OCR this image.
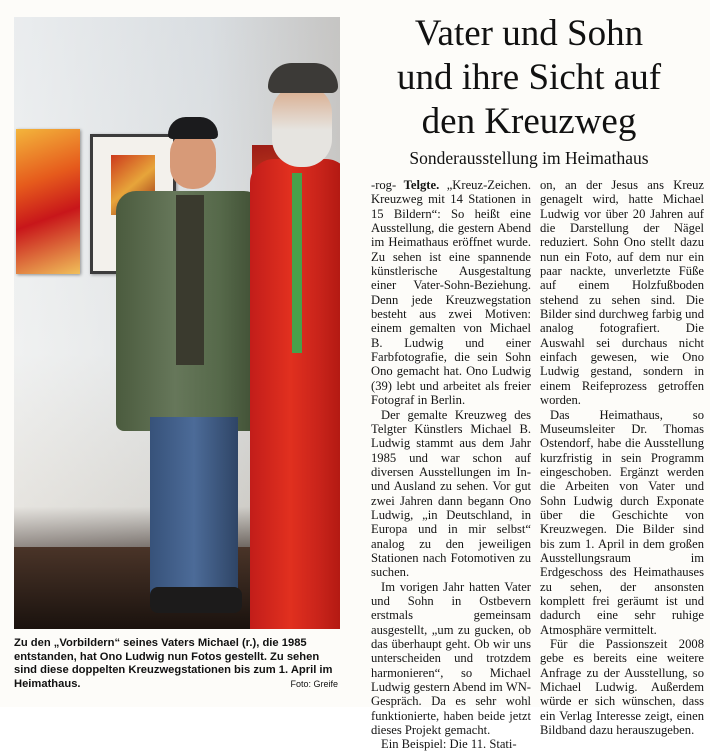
Zu den „Vorbildern“ seines Vaters Michael (r.), die 1985 entstanden, hat Ono Ludwig nun Fotos gestellt. Zu sehen sind diese doppelten Kreuzwegstationen bis zum 1. April im Heimathaus.	Foto: Greife
Vater und Sohn
und ihre Sicht auf
den Kreuzweg
Sonderausstellung im Heimathaus

-rog- Telgte. „Kreuz-Zeichen. Kreuzweg mit 14 Stationen in 15 Bildern“: So heißt eine Ausstellung, die gestern Abend im Heimathaus eröffnet wurde. Zu sehen ist eine spannende künstlerische Ausgestaltung einer Vater-Sohn-Beziehung. Denn jede Kreuzwegstation besteht aus zwei Motiven: einem gemalten von Michael B. Ludwig und einer Farbfotografie, die sein Sohn Ono gemacht hat. Ono Ludwig (39) lebt und arbeitet als freier Fotograf in Berlin.

Der gemalte Kreuzweg des Telgter Künstlers Michael B. Ludwig stammt aus dem Jahr 1985 und war schon auf diversen Ausstellungen im In- und Ausland zu sehen. Vor gut zwei Jahren dann begann Ono Ludwig, „in Deutschland, in Europa und in mir selbst“ analog zu den jeweiligen Stationen nach Fotomotiven zu suchen.

Im vorigen Jahr hatten Vater und Sohn in Ostbevern erstmals gemeinsam ausgestellt, „um zu gucken, ob das überhaupt geht. Ob wir uns unterscheiden und trotzdem harmonieren“, so Michael Ludwig gestern Abend im WN-Gespräch. Da es sehr wohl funktionierte, haben beide jetzt dieses Projekt gemacht.

Ein Beispiel: Die 11. Stati-

on, an der Jesus ans Kreuz genagelt wird, hatte Michael Ludwig vor über 20 Jahren auf die Darstellung der Nägel reduziert. Sohn Ono stellt dazu nun ein Foto, auf dem nur ein paar nackte, unverletzte Füße auf einem Holzfußboden stehend zu sehen sind. Die Bilder sind durchweg farbig und analog fotografiert. Die Auswahl sei durchaus nicht einfach gewesen, wie Ono Ludwig gestand, sondern in einem Reifeprozess getroffen worden.

Das Heimathaus, so Museumsleiter Dr. Thomas Ostendorf, habe die Ausstellung kurzfristig in sein Programm eingeschoben. Ergänzt werden die Arbeiten von Vater und Sohn Ludwig durch Exponate über die Geschichte von Kreuzwegen. Die Bilder sind bis zum 1. April in dem großen Ausstellungsraum im Erdgeschoss des Heimathauses zu sehen, der ansonsten komplett frei geräumt ist und dadurch eine sehr ruhige Atmosphäre vermittelt.

Für die Passionszeit 2008 gebe es bereits eine weitere Anfrage zu der Ausstellung, so Michael Ludwig. Außerdem würde er sich wünschen, dass ein Verlag Interesse zeigt, einen Bildband dazu herauszugeben.
